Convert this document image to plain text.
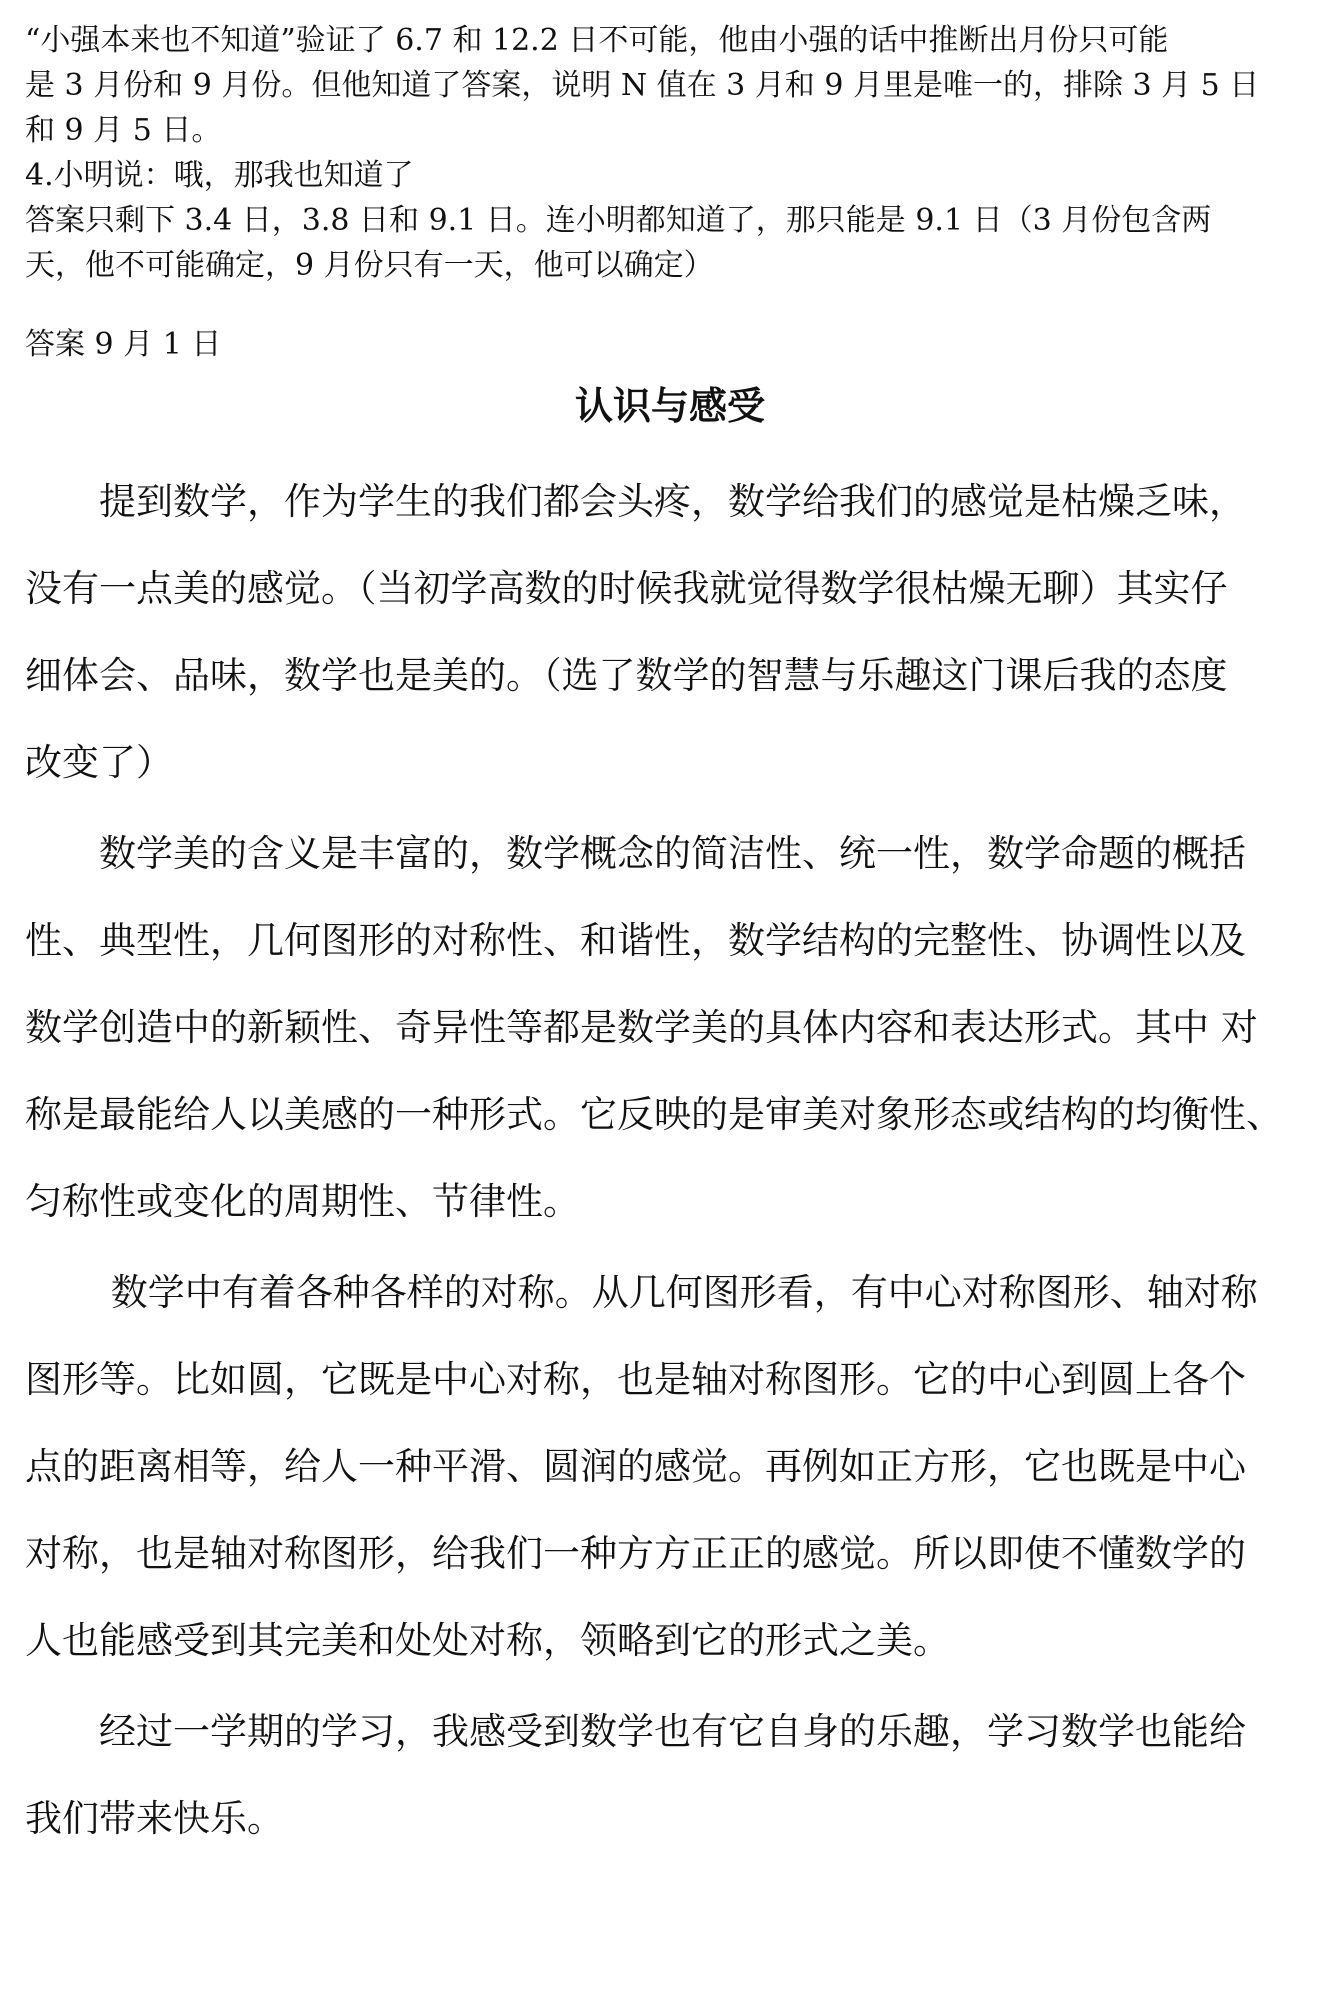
“小强本来也不知道”验证了 6.7 和 12.2 日不可能，他由小强的话中推断出月份只可能
是 3 月份和 9 月份。但他知道了答案，说明 N 值在 3 月和 9 月里是唯一的，排除 3 月 5 日
和 9 月 5 日。
4.小明说：哦，那我也知道了
答案只剩下 3.4 日，3.8 日和 9.1 日。连小明都知道了，那只能是 9.1 日（3 月份包含两
天，他不可能确定，9 月份只有一天，他可以确定）
答案 9 月 1 日
认识与感受
　　提到数学，作为学生的我们都会头疼，数学给我们的感觉是枯燥乏味，
没有一点美的感觉。（当初学高数的时候我就觉得数学很枯燥无聊）其实仔
细体会、品味，数学也是美的。（选了数学的智慧与乐趣这门课后我的态度
改变了）
　　数学美的含义是丰富的，数学概念的简洁性、统一性，数学命题的概括
性、典型性，几何图形的对称性、和谐性，数学结构的完整性、协调性以及
数学创造中的新颖性、奇异性等都是数学美的具体内容和表达形式。其中 对
称是最能给人以美感的一种形式。它反映的是审美对象形态或结构的均衡性、
匀称性或变化的周期性、节律性。
　　 数学中有着各种各样的对称。从几何图形看，有中心对称图形、轴对称
图形等。比如圆，它既是中心对称，也是轴对称图形。它的中心到圆上各个
点的距离相等，给人一种平滑、圆润的感觉。再例如正方形，它也既是中心
对称，也是轴对称图形，给我们一种方方正正的感觉。所以即使不懂数学的
人也能感受到其完美和处处对称，领略到它的形式之美。
　　经过一学期的学习，我感受到数学也有它自身的乐趣，学习数学也能给
我们带来快乐。
